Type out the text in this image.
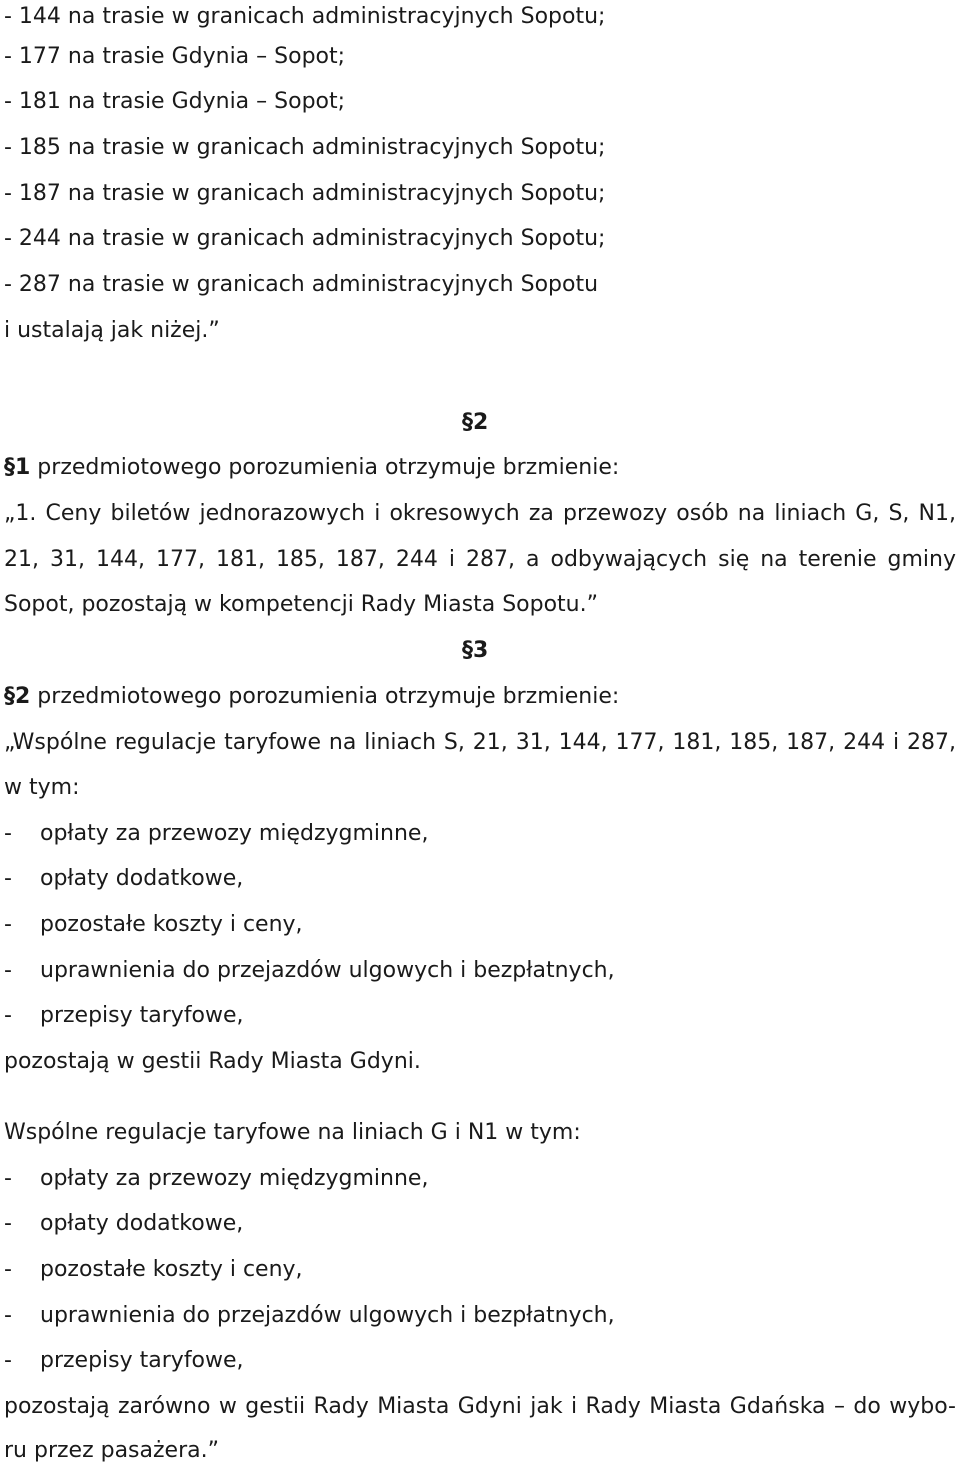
- 144 na trasie w granicach administracyjnych Sopotu;
- 177 na trasie Gdynia – Sopot;
- 181 na trasie Gdynia – Sopot;
- 185 na trasie w granicach administracyjnych Sopotu;
- 187 na trasie w granicach administracyjnych Sopotu;
- 244 na trasie w granicach administracyjnych Sopotu;
- 287 na trasie w granicach administracyjnych Sopotu
i ustalają jak niżej.”
§2
§1 przedmiotowego porozumienia otrzymuje brzmienie:
„1. Ceny biletów jednorazowych i okresowych za przewozy osób na liniach G, S, N1,
21, 31, 144, 177, 181, 185, 187, 244 i 287, a odbywających się na terenie gminy
Sopot, pozostają w kompetencji Rady Miasta Sopotu.”
§3
§2 przedmiotowego porozumienia otrzymuje brzmienie:
„Wspólne regulacje taryfowe na liniach S, 21, 31, 144, 177, 181, 185, 187, 244 i 287,
w tym:
- opłaty za przewozy międzygminne,
- opłaty dodatkowe,
- pozostałe koszty i ceny,
- uprawnienia do przejazdów ulgowych i bezpłatnych,
- przepisy taryfowe,
pozostają w gestii Rady Miasta Gdyni.
Wspólne regulacje taryfowe na liniach G i N1 w tym:
- opłaty za przewozy międzygminne,
- opłaty dodatkowe,
- pozostałe koszty i ceny,
- uprawnienia do przejazdów ulgowych i bezpłatnych,
- przepisy taryfowe,
pozostają zarówno w gestii Rady Miasta Gdyni jak i Rady Miasta Gdańska – do wybo-
ru przez pasażera.”
